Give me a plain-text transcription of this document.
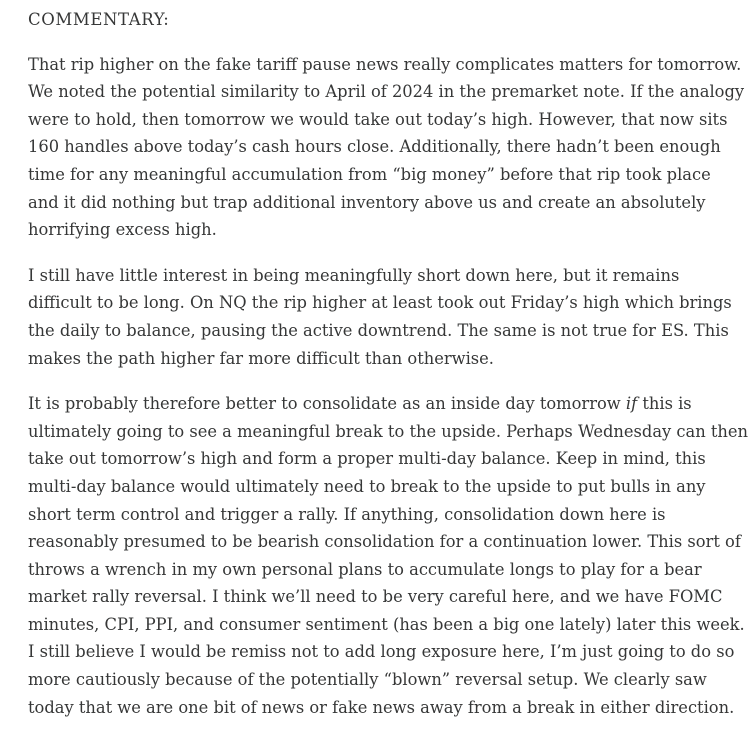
COMMENTARY:
That rip higher on the fake tariff pause news really complicates matters for tomorrow.
We noted the potential similarity to April of 2024 in the premarket note. If the analogy
were to hold, then tomorrow we would take out today’s high. However, that now sits
160 handles above today’s cash hours close. Additionally, there hadn’t been enough
time for any meaningful accumulation from “big money” before that rip took place
and it did nothing but trap additional inventory above us and create an absolutely
horrifying excess high.
I still have little interest in being meaningfully short down here, but it remains
difficult to be long. On NQ the rip higher at least took out Friday’s high which brings
the daily to balance, pausing the active downtrend. The same is not true for ES. This
makes the path higher far more difficult than otherwise.
It is probably therefore better to consolidate as an inside day tomorrow if this is
ultimately going to see a meaningful break to the upside. Perhaps Wednesday can then
take out tomorrow’s high and form a proper multi-day balance. Keep in mind, this
multi-day balance would ultimately need to break to the upside to put bulls in any
short term control and trigger a rally. If anything, consolidation down here is
reasonably presumed to be bearish consolidation for a continuation lower. This sort of
throws a wrench in my own personal plans to accumulate longs to play for a bear
market rally reversal. I think we’ll need to be very careful here, and we have FOMC
minutes, CPI, PPI, and consumer sentiment (has been a big one lately) later this week.
I still believe I would be remiss not to add long exposure here, I’m just going to do so
more cautiously because of the potentially “blown” reversal setup. We clearly saw
today that we are one bit of news or fake news away from a break in either direction.
